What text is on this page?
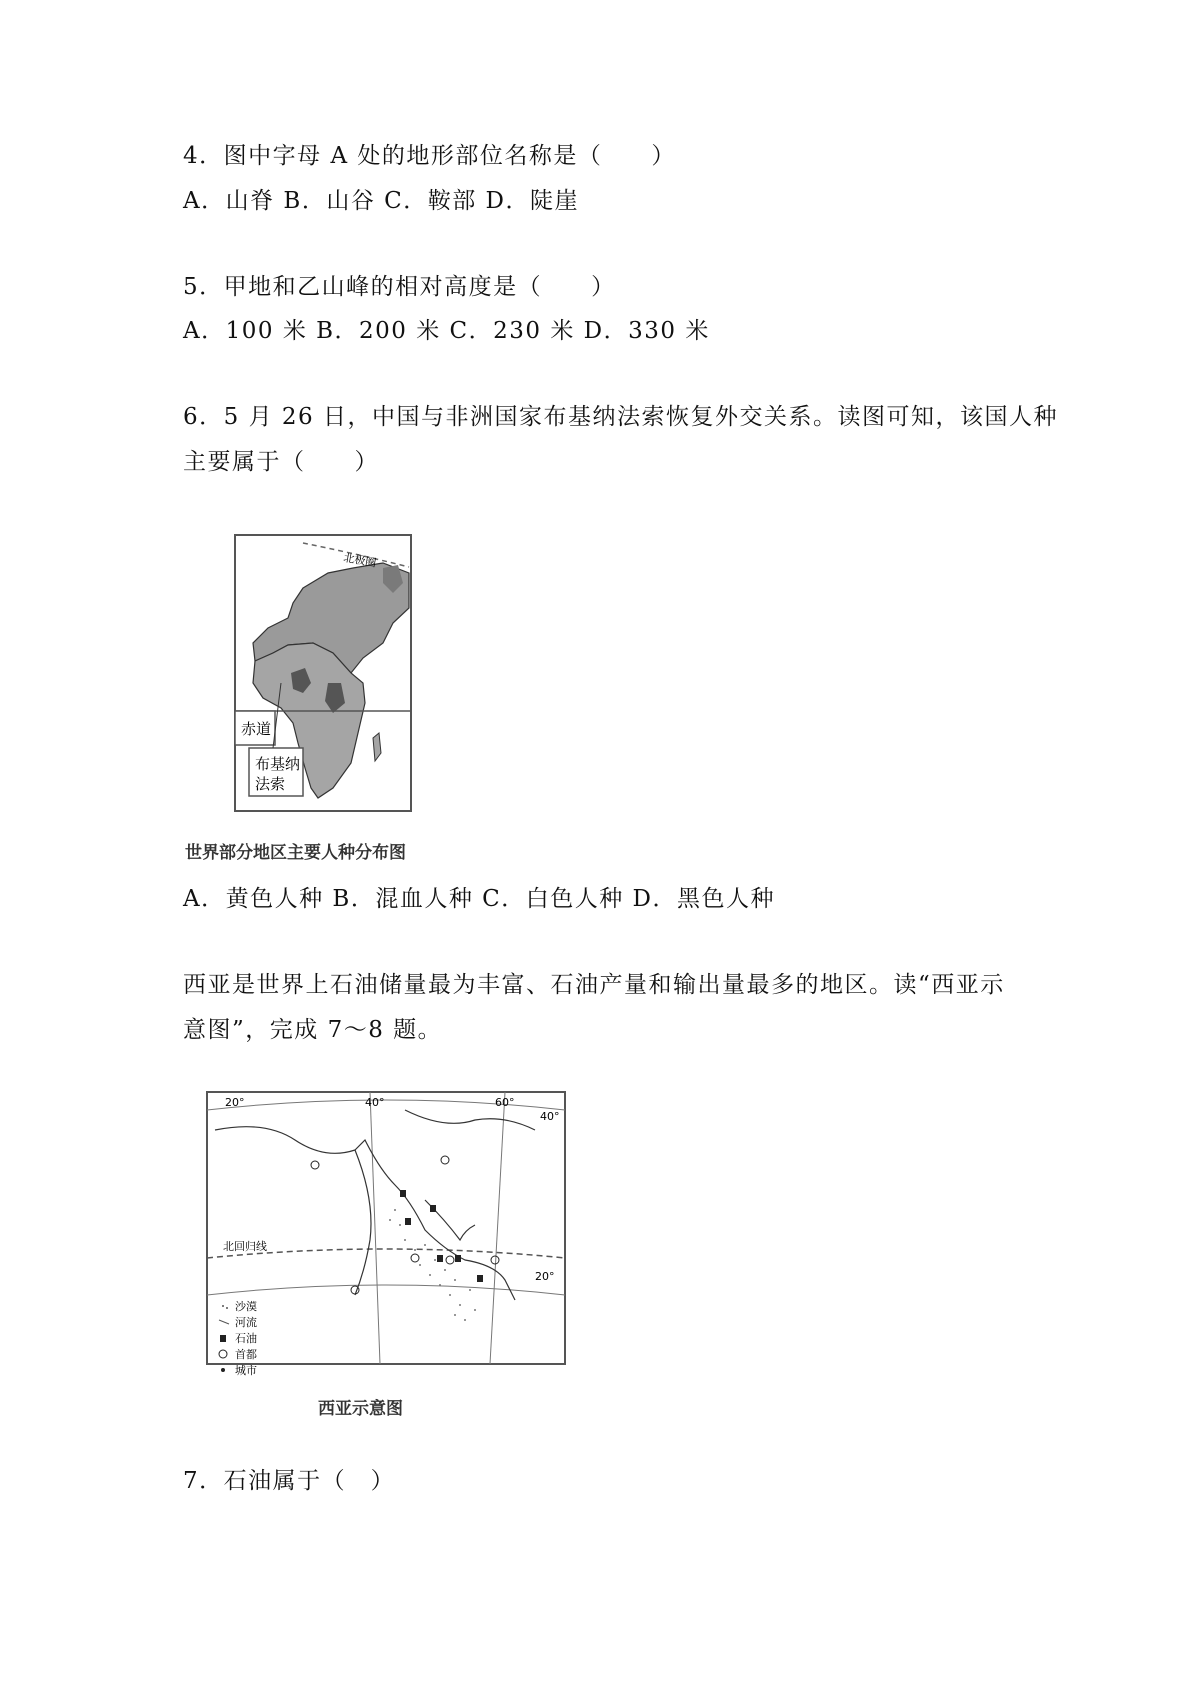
4．图中字母 A 处的地形部位名称是（　　）
A．山脊 B．山谷 C．鞍部 D．陡崖
5．甲地和乙山峰的相对高度是（　　）
A．100 米 B．200 米 C．230 米 D．330 米
6．5 月 26 日，中国与非洲国家布基纳法索恢复外交关系。读图可知，该国人种
主要属于（　　）
赤道
布基纳
法索
北极圈
世界部分地区主要人种分布图
A．黄色人种 B．混血人种 C．白色人种 D．黑色人种
西亚是世界上石油储量最为丰富、石油产量和输出量最多的地区。读“西亚示
意图”，完成 7～8 题。
北回归线
20°	40°	60°
40°
20°
沙漠
河流
石油
首都
城市
西亚示意图
7．石油属于（　）
